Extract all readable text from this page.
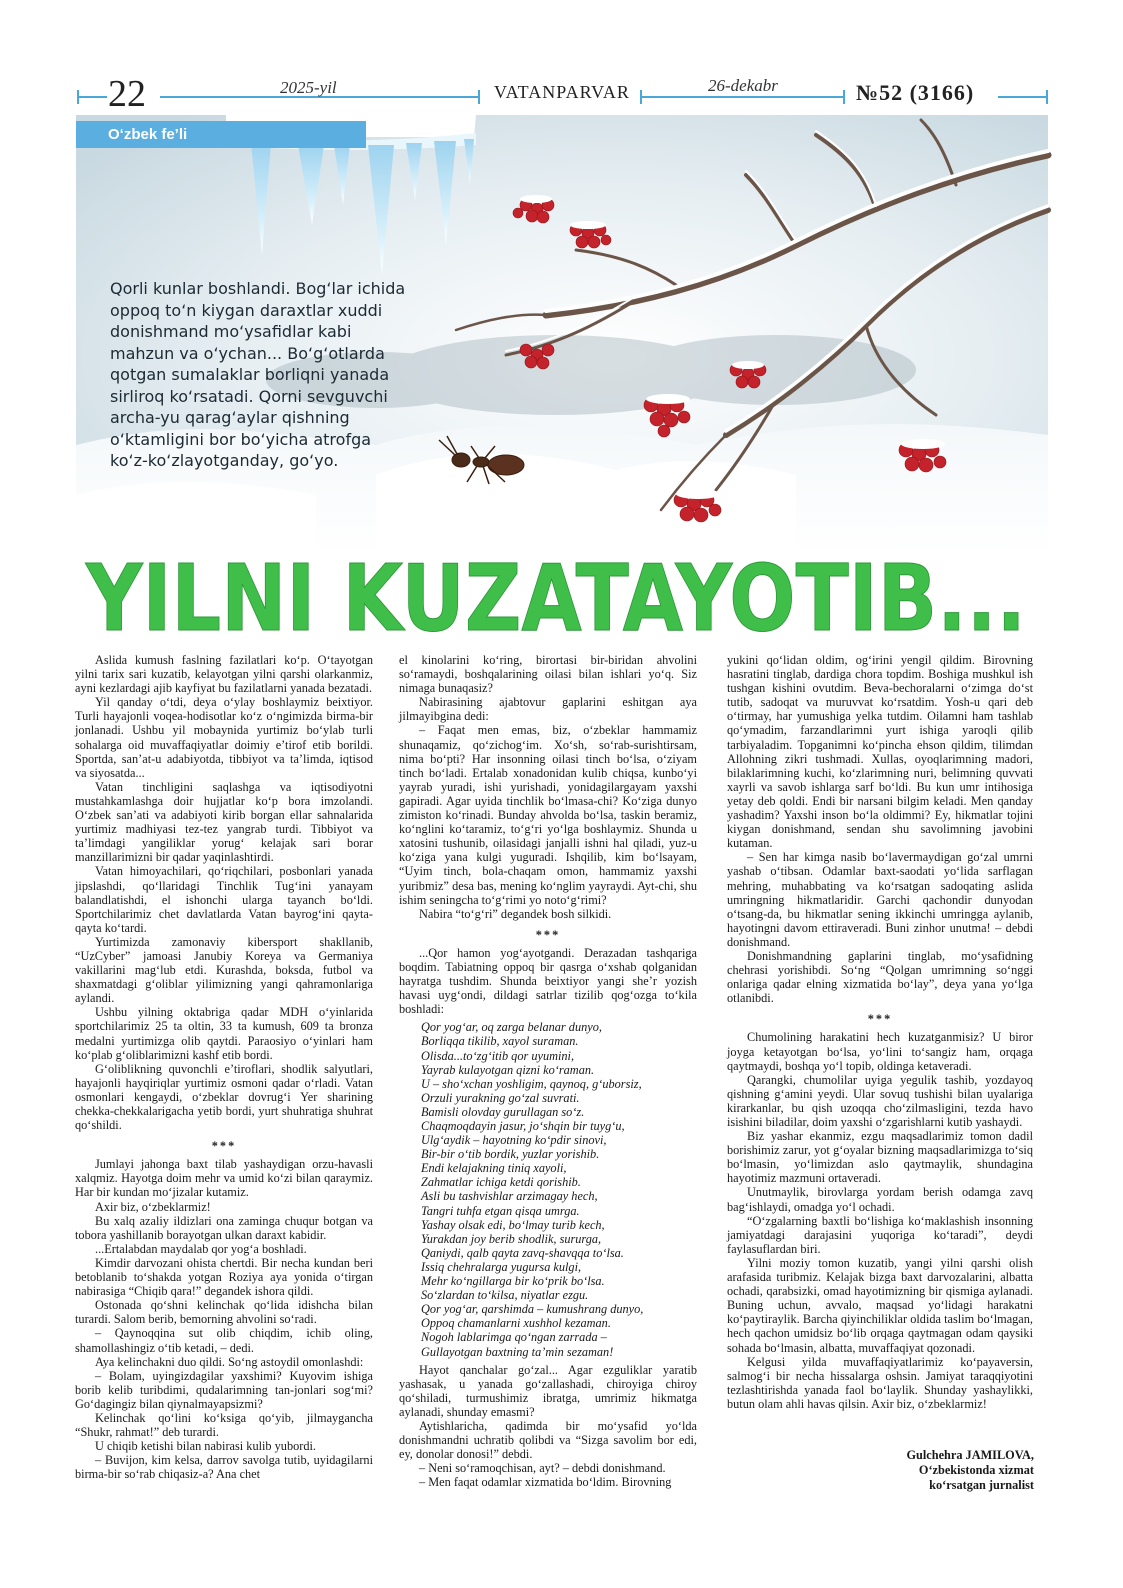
22	2025-yil	VATANPARVAR	26-dekabr	№52 (3166)
O‘zbek fe’li
Qorli kunlar boshlandi. Bog‘lar ichida oppoq to‘n kiygan daraxtlar xuddi donishmand mo‘ysafidlar kabi mahzun va o‘ychan... Bo‘g‘otlarda qotgan sumalaklar borliqni yanada sirliroq ko‘rsatadi. Qorni sevguvchi archa-yu qarag‘aylar qishning o‘ktamligini bor bo‘yicha atrofga ko‘z-ko‘zlayotganday, go‘yo.
YILNI KUZATAYOTIB...

Aslida kumush faslning fazilatlari ko‘p. O‘tayotgan yilni tarix sari kuzatib, kelayotgan yilni qarshi olarkanmiz, ayni kezlardagi ajib kayfiyat bu fazilatlarni yanada bezatadi.

Yil qanday o‘tdi, deya o‘ylay boshlaymiz beixtiyor. Turli hayajonli voqea-hodisotlar ko‘z o‘ngimizda birma-bir jonlanadi. Ushbu yil mobaynida yurtimiz bo‘ylab turli sohalarga oid muvaffaqiyatlar doimiy e’tirof etib borildi. Sportda, san’at-u adabiyotda, tibbiyot va ta’limda, iqtisod va siyosatda...

Vatan tinchligini saqlashga va iqtisodiyotni mustahkamlashga doir hujjatlar ko‘p bora imzolandi. O‘zbek san’ati va adabiyoti kirib borgan ellar sahnalarida yurtimiz madhiyasi tez-tez yangrab turdi. Tibbiyot va ta’limdagi yangiliklar yorug‘ kelajak sari borar manzillarimizni bir qadar yaqinlashtirdi.

Vatan himoyachilari, qo‘riqchilari, posbonlari yanada jipslashdi, qo‘llaridagi Tinchlik Tug‘ini yanayam balandlatishdi, el ishonchi ularga tayanch bo‘ldi. Sportchilarimiz chet davlatlarda Vatan bayrog‘ini qayta-qayta ko‘tardi.

Yurtimizda zamonaviy kibersport shakllanib, “UzCyber” jamoasi Janubiy Koreya va Germaniya vakillarini mag‘lub etdi. Kurashda, boksda, futbol va shaxmatdagi g‘oliblar yilimizning yangi qahramonlariga aylandi.

Ushbu yilning oktabriga qadar MDH o‘yinlarida sportchilarimiz 25 ta oltin, 33 ta kumush, 609 ta bronza medalni yurtimizga olib qaytdi. Paraosiyo o‘yinlari ham ko‘plab g‘oliblarimizni kashf etib bordi.

G‘oliblikning quvonchli e’tiroflari, shodlik salyutlari, hayajonli hayqiriqlar yurtimiz osmoni qadar o‘rladi. Vatan osmonlari kengaydi, o‘zbeklar dovrug‘i Yer sharining chekka-chekkalarigacha yetib bordi, yurt shuhratiga shuhrat qo‘shildi.

***

Jumlayi jahonga baxt tilab yashaydigan orzu-havasli xalqmiz. Hayotga doim mehr va umid ko‘zi bilan qaraymiz. Har bir kundan mo‘jizalar kutamiz.

Axir biz, o‘zbeklarmiz!

Bu xalq azaliy ildizlari ona zaminga chuqur botgan va tobora yashillanib borayotgan ulkan daraxt kabidir.

...Ertalabdan maydalab qor yog‘a boshladi.

Kimdir darvozani ohista chertdi. Bir necha kundan beri betoblanib to‘shakda yotgan Roziya aya yonida o‘tirgan nabirasiga “Chiqib qara!” degandek ishora qildi.

Ostonada qo‘shni kelinchak qo‘lida idishcha bilan turardi. Salom berib, bemorning ahvolini so‘radi.

– Qaynoqqina sut olib chiqdim, ichib oling, shamollashingiz o‘tib ketadi, – dedi.

Aya kelinchakni duo qildi. So‘ng astoydil omonlashdi:

– Bolam, uyingizdagilar yaxshimi? Kuyovim ishiga borib kelib turibdimi, qudalarimning tan-jonlari sog‘mi? Go‘dagingiz bilan qiynalmayapsizmi?

Kelinchak qo‘lini ko‘ksiga qo‘yib, jilmaygancha “Shukr, rahmat!” deb turardi.

U chiqib ketishi bilan nabirasi kulib yubordi.

– Buvijon, kim kelsa, darrov savolga tutib, uyidagilarni birma-bir so‘rab chiqasiz-a? Ana chet

el kinolarini ko‘ring, birortasi bir-biridan ahvolini so‘ramaydi, boshqalarining oilasi bilan ishlari yo‘q. Siz nimaga bunaqasiz?

Nabirasining ajabtovur gaplarini eshitgan aya jilmayibgina dedi:

– Faqat men emas, biz, o‘zbeklar hammamiz shunaqamiz, qo‘zichog‘im. Xo‘sh, so‘rab-surishtirsam, nima bo‘pti? Har insonning oilasi tinch bo‘lsa, o‘ziyam tinch bo‘ladi. Ertalab xonadonidan kulib chiqsa, kunbo‘yi yayrab yuradi, ishi yurishadi, yonidagilargayam yaxshi gapiradi. Agar uyida tinchlik bo‘lmasa-chi? Ko‘ziga dunyo zimiston ko‘rinadi. Bunday ahvolda bo‘lsa, taskin beramiz, ko‘nglini ko‘taramiz, to‘g‘ri yo‘lga boshlaymiz. Shunda u xatosini tushunib, oilasidagi janjalli ishni hal qiladi, yuz-u ko‘ziga yana kulgi yuguradi. Ishqilib, kim bo‘lsayam, “Uyim tinch, bola-chaqam omon, hammamiz yaxshi yuribmiz” desa bas, mening ko‘nglim yayraydi. Ayt-chi, shu ishim seningcha to‘g‘rimi yo noto‘g‘rimi?

Nabira “to‘g‘ri” degandek bosh silkidi.

***

...Qor hamon yog‘ayotgandi. Derazadan tashqariga boqdim. Tabiatning oppoq bir qasrga o‘xshab qolganidan hayratga tushdim. Shunda beixtiyor yangi she’r yozish havasi uyg‘ondi, dildagi satrlar tizilib qog‘ozga to‘kila boshladi:

Qor yog‘ar, oq zarga belanar dunyo,

Borliqqa tikilib, xayol suraman.

Olisda...to‘zg‘itib qor uyumini,

Yayrab kulayotgan qizni ko‘raman.

U – sho‘xchan yoshligim, qaynoq, g‘uborsiz,

Orzuli yurakning go‘zal suvrati.

Bamisli olovday gurullagan so‘z.

Chaqmoqdayin jasur, jo‘shqin bir tuyg‘u,

Ulg‘aydik – hayotning ko‘pdir sinovi,

Bir-bir o‘tib bordik, yuzlar yorishib.

Endi kelajakning tiniq xayoli,

Zahmatlar ichiga ketdi qorishib.

Asli bu tashvishlar arzimagay hech,

Tangri tuhfa etgan qisqa umrga.

Yashay olsak edi, bo‘lmay turib kech,

Yurakdan joy berib shodlik, sururga,

Qaniydi, qalb qayta zavq-shavqqa to‘lsa.

Issiq chehralarga yugursa kulgi,

Mehr ko‘ngillarga bir ko‘prik bo‘lsa.

So‘zlardan to‘kilsa, niyatlar ezgu.

Qor yog‘ar, qarshimda – kumushrang dunyo,

Oppoq chamanlarni xushhol kezaman.

Nogoh lablarimga qo‘ngan zarrada –

Gullayotgan baxtning ta’min sezaman!

Hayot qanchalar go‘zal... Agar ezguliklar yaratib yashasak, u yanada go‘zallashadi, chiroyiga chiroy qo‘shiladi, turmushimiz ibratga, umrimiz hikmatga aylanadi, shunday emasmi?

Aytishlaricha, qadimda bir mo‘ysafid yo‘lda donishmandni uchratib qolibdi va “Sizga savolim bor edi, ey, donolar donosi!” debdi.

– Neni so‘ramoqchisan, ayt? – debdi donishmand.

– Men faqat odamlar xizmatida bo‘ldim. Birovning

yukini qo‘lidan oldim, og‘irini yengil qildim. Birovning hasratini tinglab, dardiga chora topdim. Boshiga mushkul ish tushgan kishini ovutdim. Beva-bechoralarni o‘zimga do‘st tutib, sadoqat va muruvvat ko‘rsatdim. Yosh-u qari deb o‘tirmay, har yumushiga yelka tutdim. Oilamni ham tashlab qo‘ymadim, farzandlarimni yurt ishiga yaroqli qilib tarbiyaladim. Topganimni ko‘pincha ehson qildim, tilimdan Allohning zikri tushmadi. Xullas, oyoqlarimning madori, bilaklarimning kuchi, ko‘zlarimning nuri, belimning quvvati xayrli va savob ishlarga sarf bo‘ldi. Bu kun umr intihosiga yetay deb qoldi. Endi bir narsani bilgim keladi. Men qanday yashadim? Yaxshi inson bo‘la oldimmi? Ey, hikmatlar tojini kiygan donishmand, sendan shu savolimning javobini kutaman.

– Sen har kimga nasib bo‘lavermaydigan go‘zal umrni yashab o‘tibsan. Odamlar baxt-saodati yo‘lida sarflagan mehring, muhabbating va ko‘rsatgan sadoqating aslida umringning hikmatlaridir. Garchi qachondir dunyodan o‘tsang-da, bu hikmatlar sening ikkinchi umringga aylanib, hayotingni davom ettiraveradi. Buni zinhor unutma! – debdi donishmand.

Donishmandning gaplarini tinglab, mo‘ysafidning chehrasi yorishibdi. So‘ng “Qolgan umrimning so‘nggi onlariga qadar elning xizmatida bo‘lay”, deya yana yo‘lga otlanibdi.

***

Chumolining harakatini hech kuzatganmisiz? U biror joyga ketayotgan bo‘lsa, yo‘lini to‘sangiz ham, orqaga qaytmaydi, boshqa yo‘l topib, oldinga ketaveradi.

Qarangki, chumolilar uyiga yegulik tashib, yozdayoq qishning g‘amini yeydi. Ular sovuq tushishi bilan uyalariga kirarkanlar, bu qish uzoqqa cho‘zilmasligini, tezda havo isishini biladilar, doim yaxshi o‘zgarishlarni kutib yashaydi.

Biz yashar ekanmiz, ezgu maqsadlarimiz tomon dadil borishimiz zarur, yot g‘oyalar bizning maqsadlarimizga to‘siq bo‘lmasin, yo‘limizdan aslo qaytmaylik, shundagina hayotimiz mazmuni ortaveradi.

Unutmaylik, birovlarga yordam berish odamga zavq bag‘ishlaydi, omadga yo‘l ochadi.

“O‘zgalarning baxtli bo‘lishiga ko‘maklashish insonning jamiyatdagi darajasini yuqoriga ko‘taradi”, deydi faylasuflardan biri.

Yilni moziy tomon kuzatib, yangi yilni qarshi olish arafasida turibmiz. Kelajak bizga baxt darvozalarini, albatta ochadi, qarabsizki, omad hayotimizning bir qismiga aylanadi. Buning uchun, avvalo, maqsad yo‘lidagi harakatni ko‘paytiraylik. Barcha qiyinchiliklar oldida taslim bo‘lmagan, hech qachon umidsiz bo‘lib orqaga qaytmagan odam qaysiki sohada bo‘lmasin, albatta, muvaffaqiyat qozonadi.

Kelgusi yilda muvaffaqiyatlarimiz ko‘payaversin, salmog‘i bir necha hissalarga oshsin. Jamiyat taraqqiyotini tezlashtirishda yanada faol bo‘laylik. Shunday yashaylikki, butun olam ahli havas qilsin. Axir biz, o‘zbeklarmiz!

Gulchehra JAMILOVA,
O‘zbekistonda xizmat
ko‘rsatgan jurnalist
